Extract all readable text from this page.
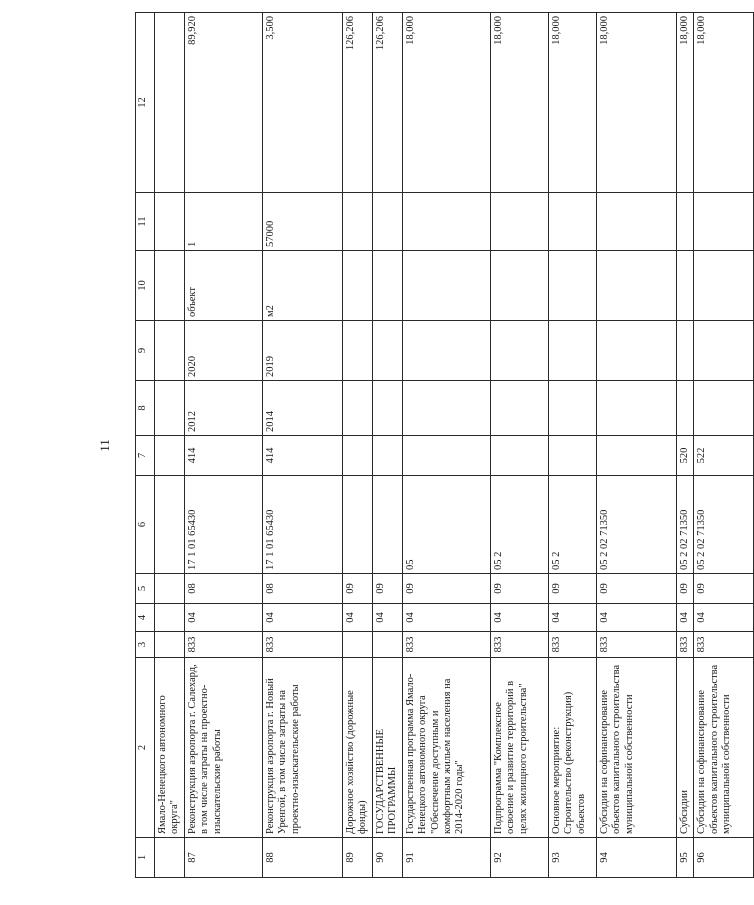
11
1	2	3	4	5	6	7	8	9	10	11	12
	Ямало-Ненецкого автономного округа"										
87	Реконструкция аэропорта г. Салехард, в том числе затраты на проектно-изыскательские работы	833	04	08	17 1 01 65430	414	2012	2020	объект	1	89,920
88	Реконструкция аэропорта г. Новый Уренгой, в том числе затраты на проектно-изыскательские работы	833	04	08	17 1 01 65430	414	2014	2019	м2	57000	3,500
89	Дорожное хозяйство (дорожные фонды)		04	09							126,206
90	ГОСУДАРСТВЕННЫЕ ПРОГРАММЫ		04	09							126,206
91	Государственная программа Ямало-Ненецкого автономного округа "Обеспечение доступным и комфортным жильем населения на 2014-2020 годы"	833	04	09	05						18,000
92	Подпрограмма "Комплексное освоение и развитие территорий в целях жилищного строительства"	833	04	09	05 2						18,000
93	Основное мероприятие: Строительство (реконструкция) объектов	833	04	09	05 2						18,000
94	Субсидии на софинансирование объектов капитального строительства муниципальной собственности	833	04	09	05 2 02 71350						18,000
95	Субсидии	833	04	09	05 2 02 71350	520					18,000
96	Субсидии на софинансирование объектов капитального строительства муниципальной собственности	833	04	09	05 2 02 71350	522					18,000
